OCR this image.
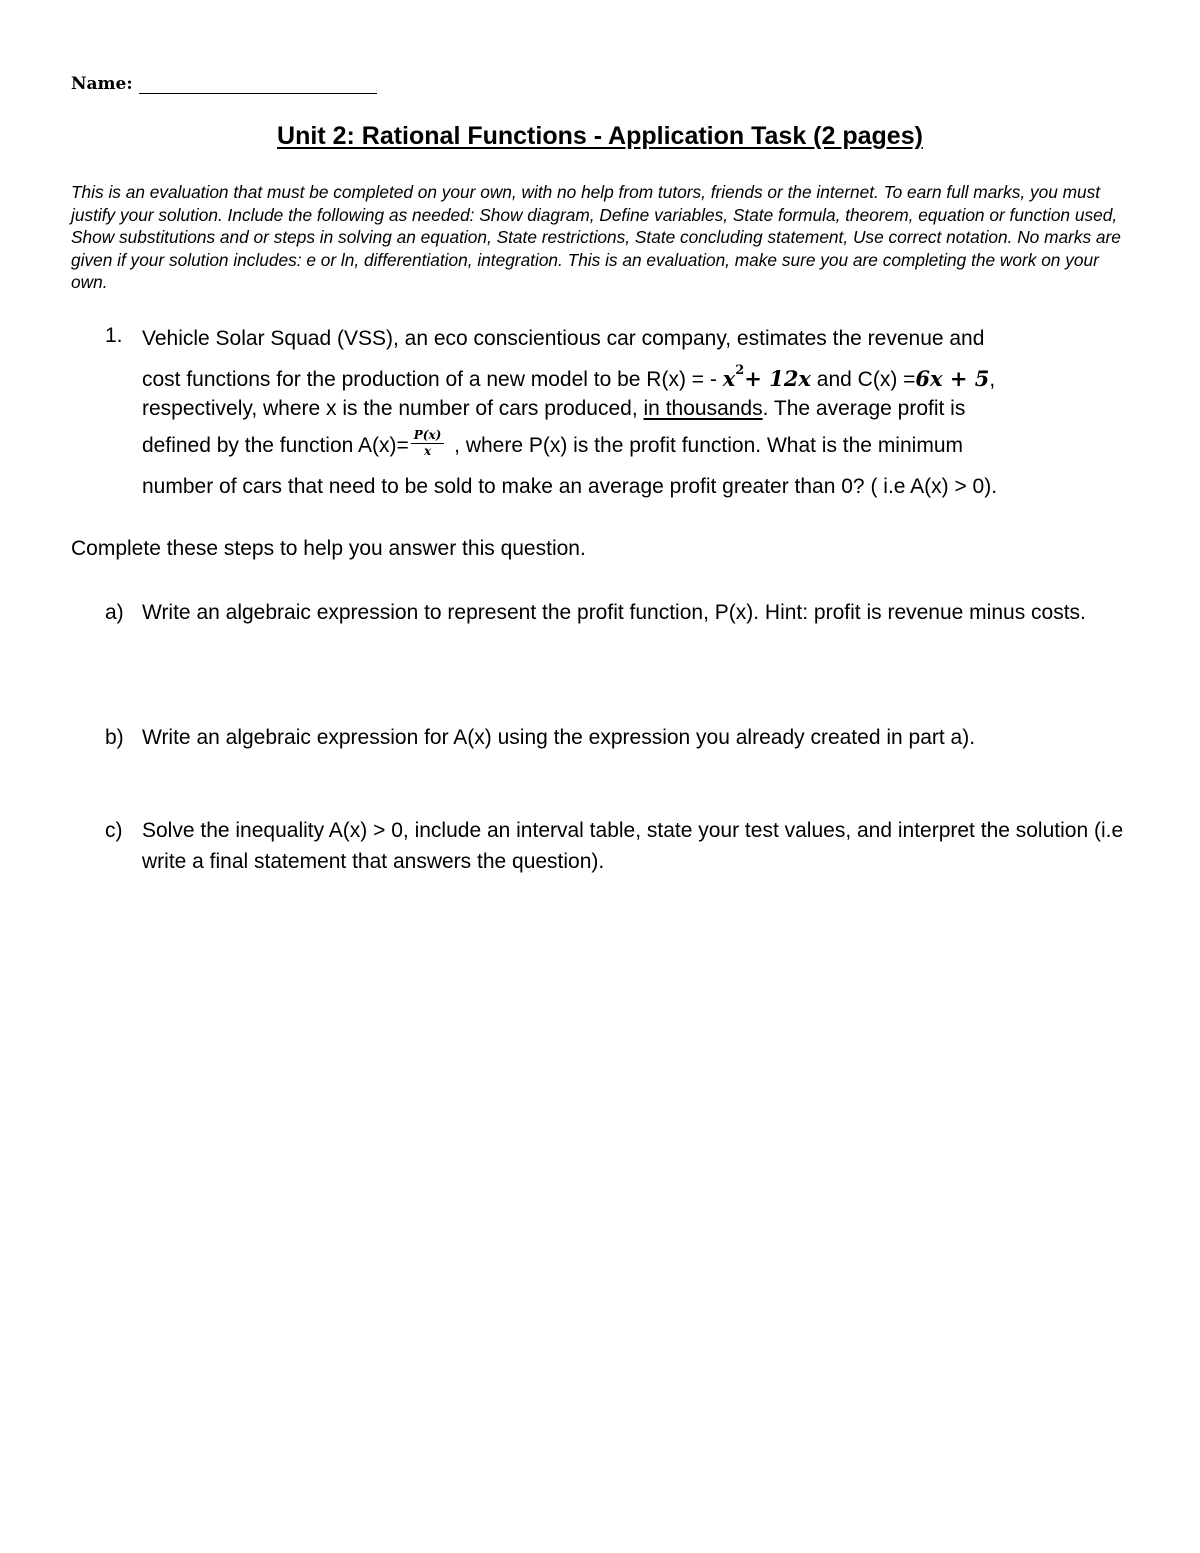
Name:
Unit 2: Rational Functions - Application Task (2 pages)
This is an evaluation that must be completed on your own, with no help from tutors, friends or the internet. To earn full marks, you must justify your solution. Include the following as needed: Show diagram, Define variables, State formula, theorem, equation or function used, Show substitutions and or steps in solving an equation, State restrictions, State concluding statement, Use correct notation. No marks are given if your solution includes: e or ln, differentiation, integration. This is an evaluation, make sure you are completing the work on your own.
1. Vehicle Solar Squad (VSS), an eco conscientious car company, estimates the revenue and
cost functions for the production of a new model to be R(x) = - $x^2+ 12x$ and C(x) =6x + 5,
respectively, where x is the number of cars produced, in thousands. The average profit is
defined by the function $A(x)= \frac{P(x)}{x}$ , where P(x) is the profit function. What is the minimum
number of cars that need to be sold to make an average profit greater than 0? ( i.e A(x) > 0).
Complete these steps to help you answer this question.
a) Write an algebraic expression to represent the profit function, P(x). Hint: profit is revenue minus costs.
b) Write an algebraic expression for A(x) using the expression you already created in part a).
c) Solve the inequality A(x) > 0, include an interval table, state your test values, and interpret the solution (i.e write a final statement that answers the question).
